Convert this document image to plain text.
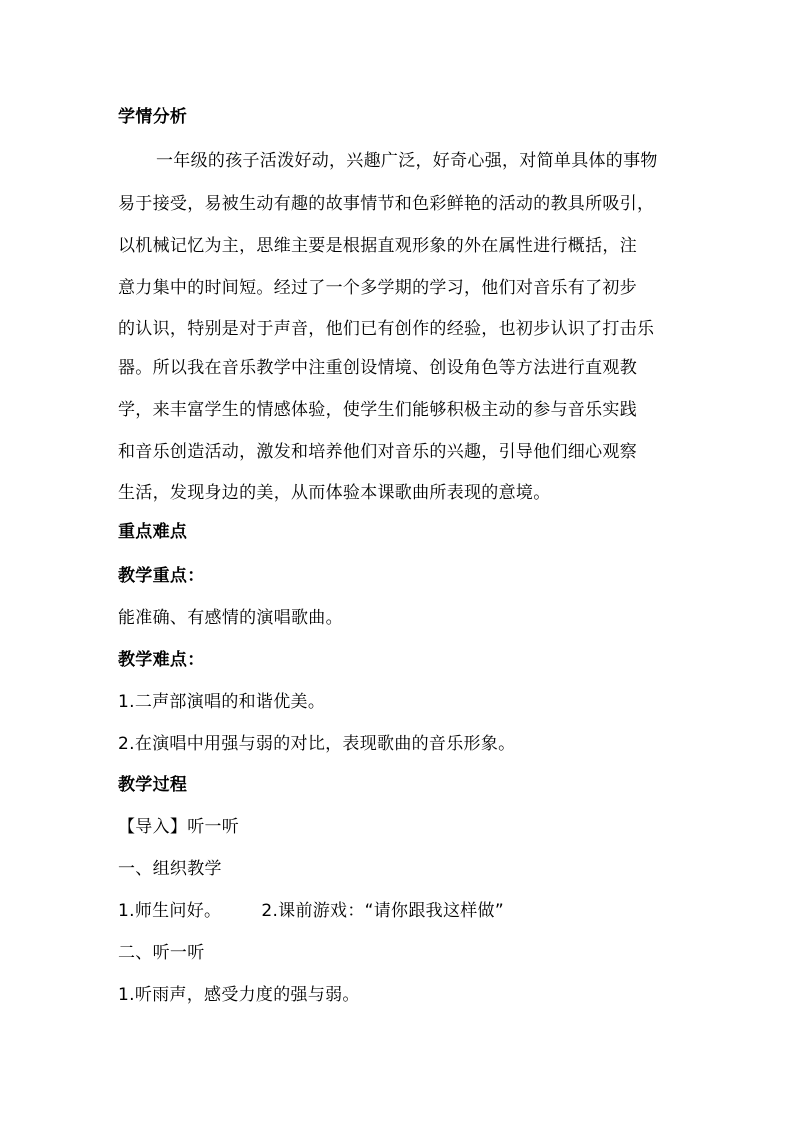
学情分析
一年级的孩子活泼好动，兴趣广泛，好奇心强，对简单具体的事物
易于接受，易被生动有趣的故事情节和色彩鲜艳的活动的教具所吸引，
以机械记忆为主，思维主要是根据直观形象的外在属性进行概括，注
意力集中的时间短。经过了一个多学期的学习，他们对音乐有了初步
的认识，特别是对于声音，他们已有创作的经验，也初步认识了打击乐
器。所以我在音乐教学中注重创设情境、创设角色等方法进行直观教
学，来丰富学生的情感体验，使学生们能够积极主动的参与音乐实践
和音乐创造活动，激发和培养他们对音乐的兴趣，引导他们细心观察
生活，发现身边的美，从而体验本课歌曲所表现的意境。
重点难点
教学重点：
能准确、有感情的演唱歌曲。
教学难点：
1.二声部演唱的和谐优美。
2.在演唱中用强与弱的对比，表现歌曲的音乐形象。
教学过程
【导入】听一听
一、组织教学
1.师生问好。 2.课前游戏：“请你跟我这样做”
二、听一听
1.听雨声，感受力度的强与弱。
